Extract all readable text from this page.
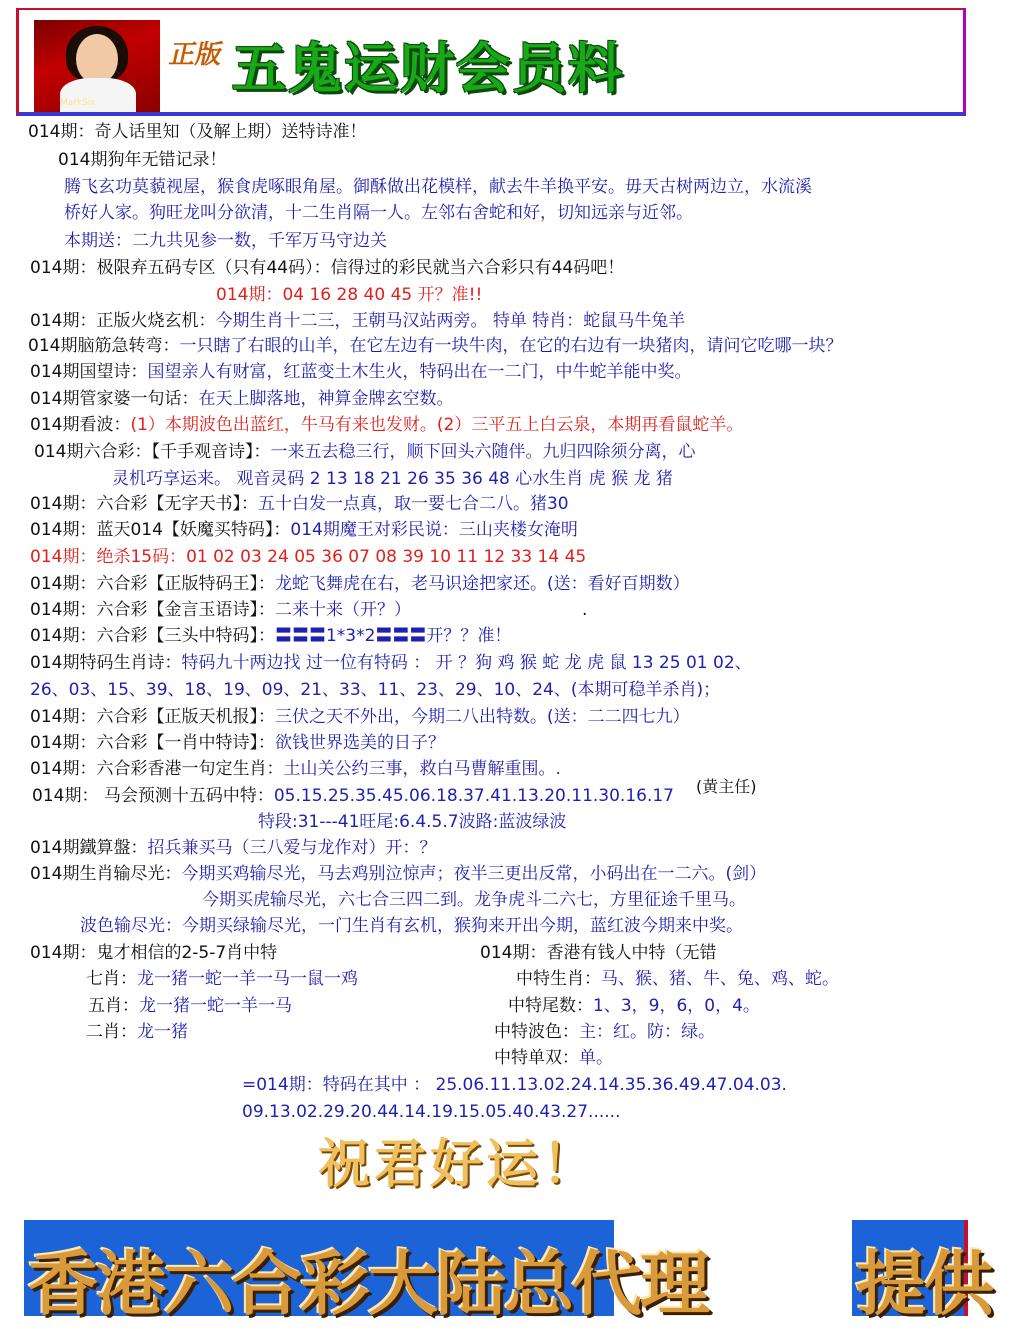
MarkSix
正版 五鬼运财会员料
014期：奇人话里知（及解上期）送特诗准！
014期狗年无错记录！
腾飞玄功莫藐视屋，猴食虎啄眼角屋。御酥做出花模样，献去牛羊换平安。毋天古树两边立，水流溪
桥好人家。狗旺龙叫分欲清，十二生肖隔一人。左邻右舍蛇和好，切知远亲与近邻。
本期送：二九共见参一数，千军万马守边关
014期：极限弃五码专区（只有44码）：信得过的彩民就当六合彩只有44码吧！
014期：04 16 28 40 45 开？准!!
014期：正版火烧玄机：今期生肖十二三，王朝马汉站两旁。 特单 特肖：蛇鼠马牛兔羊
014期脑筋急转弯：一只瞎了右眼的山羊，在它左边有一块牛肉，在它的右边有一块猪肉，请问它吃哪一块？
014期国望诗：国望亲人有财富，红蓝变土木生火，特码出在一二门，中牛蛇羊能中奖。
014期管家婆一句话：在天上脚落地，神算金牌玄空数。
014期看波：(1）本期波色出蓝红，牛马有来也发财。(2）三平五上白云泉，本期再看鼠蛇羊。
014期六合彩：【千手观音诗】：一来五去稳三行，顺下回头六随伴。九归四除须分离，心
灵机巧享运来。 观音灵码 2 13 18 21 26 35 36 48 心水生肖 虎 猴 龙 猪
014期：六合彩【无字天书】：五十白发一点真，取一要七合二八。猪30
014期：蓝天014【妖魔买特码】：014期魔王对彩民说：三山夹楼女淹明
014期：绝杀15码：01 02 03 24 05 36 07 08 39 10 11 12 33 14 45
014期：六合彩【正版特码王】：龙蛇飞舞虎在右，老马识途把家还。(送：看好百期数）
014期：六合彩【金言玉语诗】：二来十来（开？）	.
014期：六合彩【三头中特码】：〓〓〓1*3*2〓〓〓开？？准！
014期特码生肖诗：特码九十两边找 过一位有特码 ： 开 ？狗 鸡 猴 蛇 龙 虎 鼠 13 25 01 02、
26、03、15、39、18、19、09、21、33、11、23、29、10、24、(本期可稳羊杀肖)；
014期：六合彩【正版天机报】：三伏之天不外出，今期二八出特数。(送：二二四七九）
014期：六合彩【一肖中特诗】：欲钱世界选美的日子？
014期：六合彩香港一句定生肖：土山关公约三事，救白马曹解重围。.
014期： 马会预测十五码中特：05.15.25.35.45.06.18.37.41.13.20.11.30.16.17 (黄主任)
特段:31---41旺尾:6.4.5.7波路:蓝波绿波
014期鐵算盤：招兵兼买马（三八爱与龙作对）开：？
014期生肖输尽光：今期买鸡输尽光，马去鸡别泣惊声；夜半三更出反常，小码出在一二六。(剑）
今期买虎输尽光，六七合三四二到。龙争虎斗二六七，方里征途千里马。
波色输尽光：今期买绿输尽光，一门生肖有玄机，猴狗来开出今期，蓝红波今期来中奖。
014期：鬼才相信的2-5-7肖中特
七肖：龙一猪一蛇一羊一马一鼠一鸡
五肖：龙一猪一蛇一羊一马
二肖：龙一猪
014期：香港有钱人中特（无错
中特生肖：马、猴、猪、牛、兔、鸡、蛇。
中特尾数：1、3，9，6，0，4。
中特波色：主：红。防：绿。
中特单双：单。
=014期：特码在其中 ： 25.06.11.13.02.24.14.35.36.49.47.04.03.
09.13.02.29.20.44.14.19.15.05.40.43.27......
祝君好运！
香港六合彩大陆总代理 提供
